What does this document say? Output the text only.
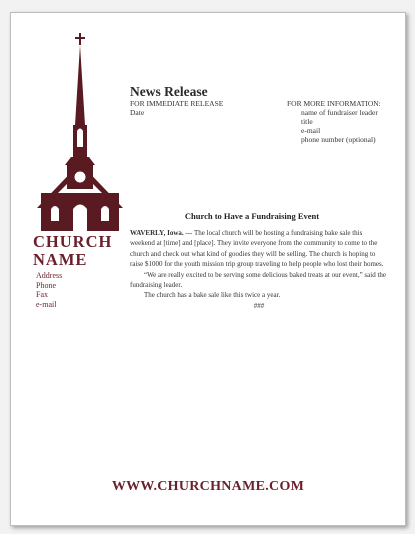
CHURCH
NAME
Address
Phone
Fax
e-mail
News Release
FOR IMMEDIATE RELEASE
Date
FOR MORE INFORMATION:
name of fundraiser leader
title
e-mail
phone number (optional)
Church to Have a Fundraising Event

WAVERLY, Iowa. --- The local church will be hosting a fundraising bake sale this weekend at [time] and [place]. They invite everyone from the community to come to the church and check out what kind of goodies they will be selling. The church is hoping to raise $1000 for the youth mission trip group traveling to help people who lost their homes.

“We are really excited to be serving some delicious baked treats at our event,” said the fundraising leader.

The church has a bake sale like this twice a year.

###

WWW.CHURCHNAME.COM
